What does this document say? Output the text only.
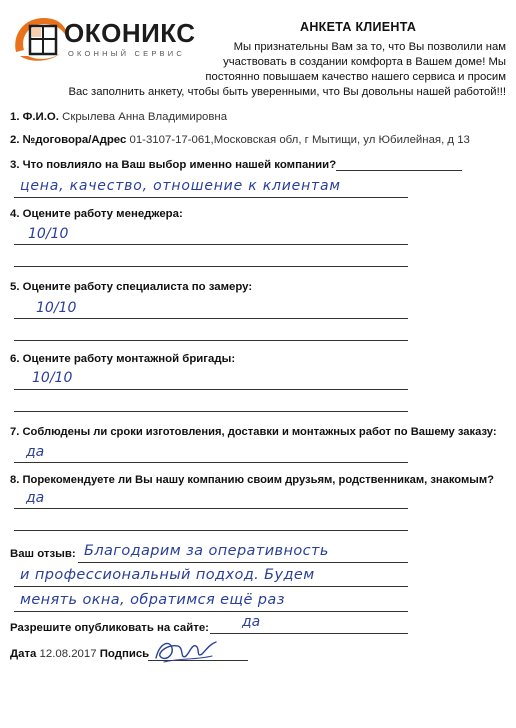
ОКОНИКС
ОКОННЫЙ СЕРВИС
АНКЕТА КЛИЕНТА
Мы признательны Вам за то, что Вы позволили нам
участвовать в создании комфорта в Вашем доме! Мы
постоянно повышаем качество нашего сервиса и просим
Вас заполнить анкету, чтобы быть уверенными, что Вы довольны нашей работой!!!
1. Ф.И.О. Скрылева Анна Владимировна
2. №договора/Адрес 01-3107-17-061,Московская обл, г Мытищи, ул Юбилейная, д 13
3. Что повлияло на Ваш выбор именно нашей компании?
цена, качество, отношение к клиентам
4. Оцените работу менеджера:
10/10
5. Оцените работу специалиста по замеру:
10/10
6. Оцените работу монтажной бригады:
10/10
7. Соблюдены ли сроки изготовления, доставки и монтажных работ по Вашему заказу:
да
8. Порекомендуете ли Вы нашу компанию своим друзьям, родственникам, знакомым?
да
Ваш отзыв: Благодарим за оперативность
и профессиональный подход. Будем
менять окна, обратимся ещё раз
Разрешите опубликовать на сайте: да
Дата 12.08.2017 Подпись
